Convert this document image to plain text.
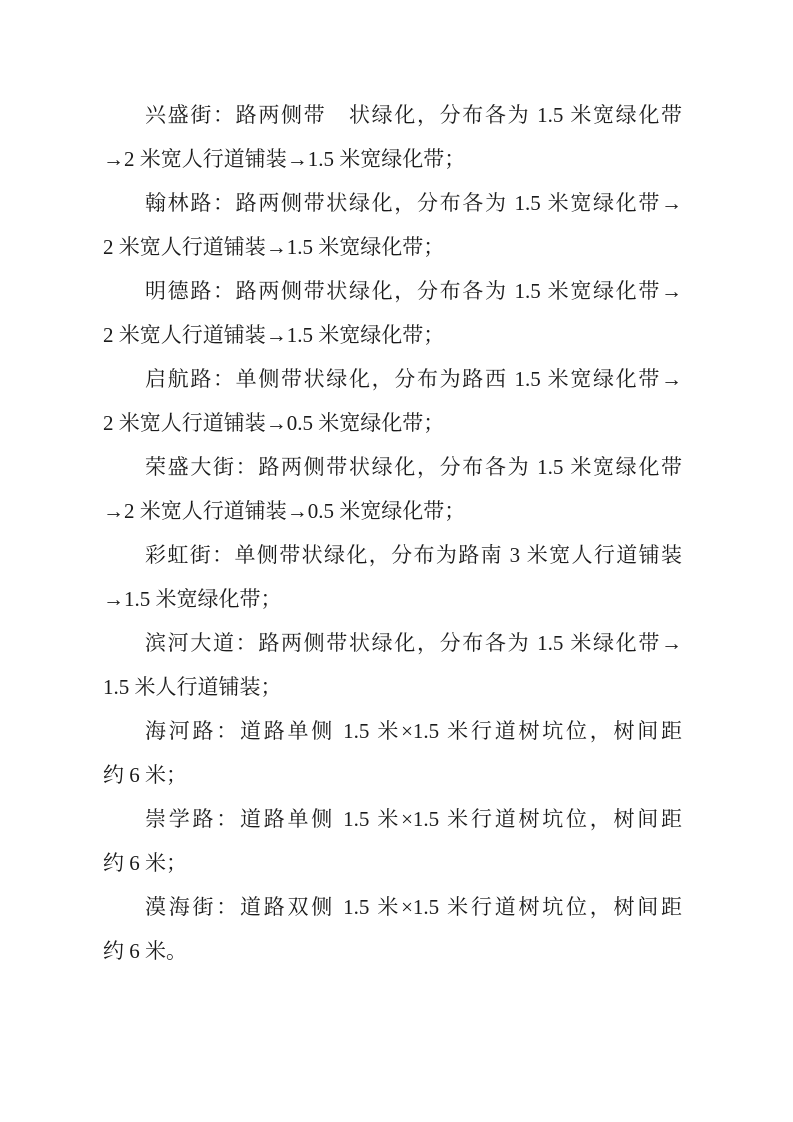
兴盛街：路两侧带　状绿化，分布各为 1.5 米宽绿化带
→2 米宽人行道铺装→1.5 米宽绿化带；
翰林路：路两侧带状绿化，分布各为 1.5 米宽绿化带→
2 米宽人行道铺装→1.5 米宽绿化带；
明德路：路两侧带状绿化，分布各为 1.5 米宽绿化带→
2 米宽人行道铺装→1.5 米宽绿化带；
启航路：单侧带状绿化，分布为路西 1.5 米宽绿化带→
2 米宽人行道铺装→0.5 米宽绿化带；
荣盛大街：路两侧带状绿化，分布各为 1.5 米宽绿化带
→2 米宽人行道铺装→0.5 米宽绿化带；
彩虹街：单侧带状绿化，分布为路南 3 米宽人行道铺装
→1.5 米宽绿化带；
滨河大道：路两侧带状绿化，分布各为 1.5 米绿化带→
1.5 米人行道铺装；
海河路：道路单侧 1.5 米×1.5 米行道树坑位，树间距
约 6 米；
崇学路：道路单侧 1.5 米×1.5 米行道树坑位，树间距
约 6 米；
漠海街：道路双侧 1.5 米×1.5 米行道树坑位，树间距
约 6 米。
